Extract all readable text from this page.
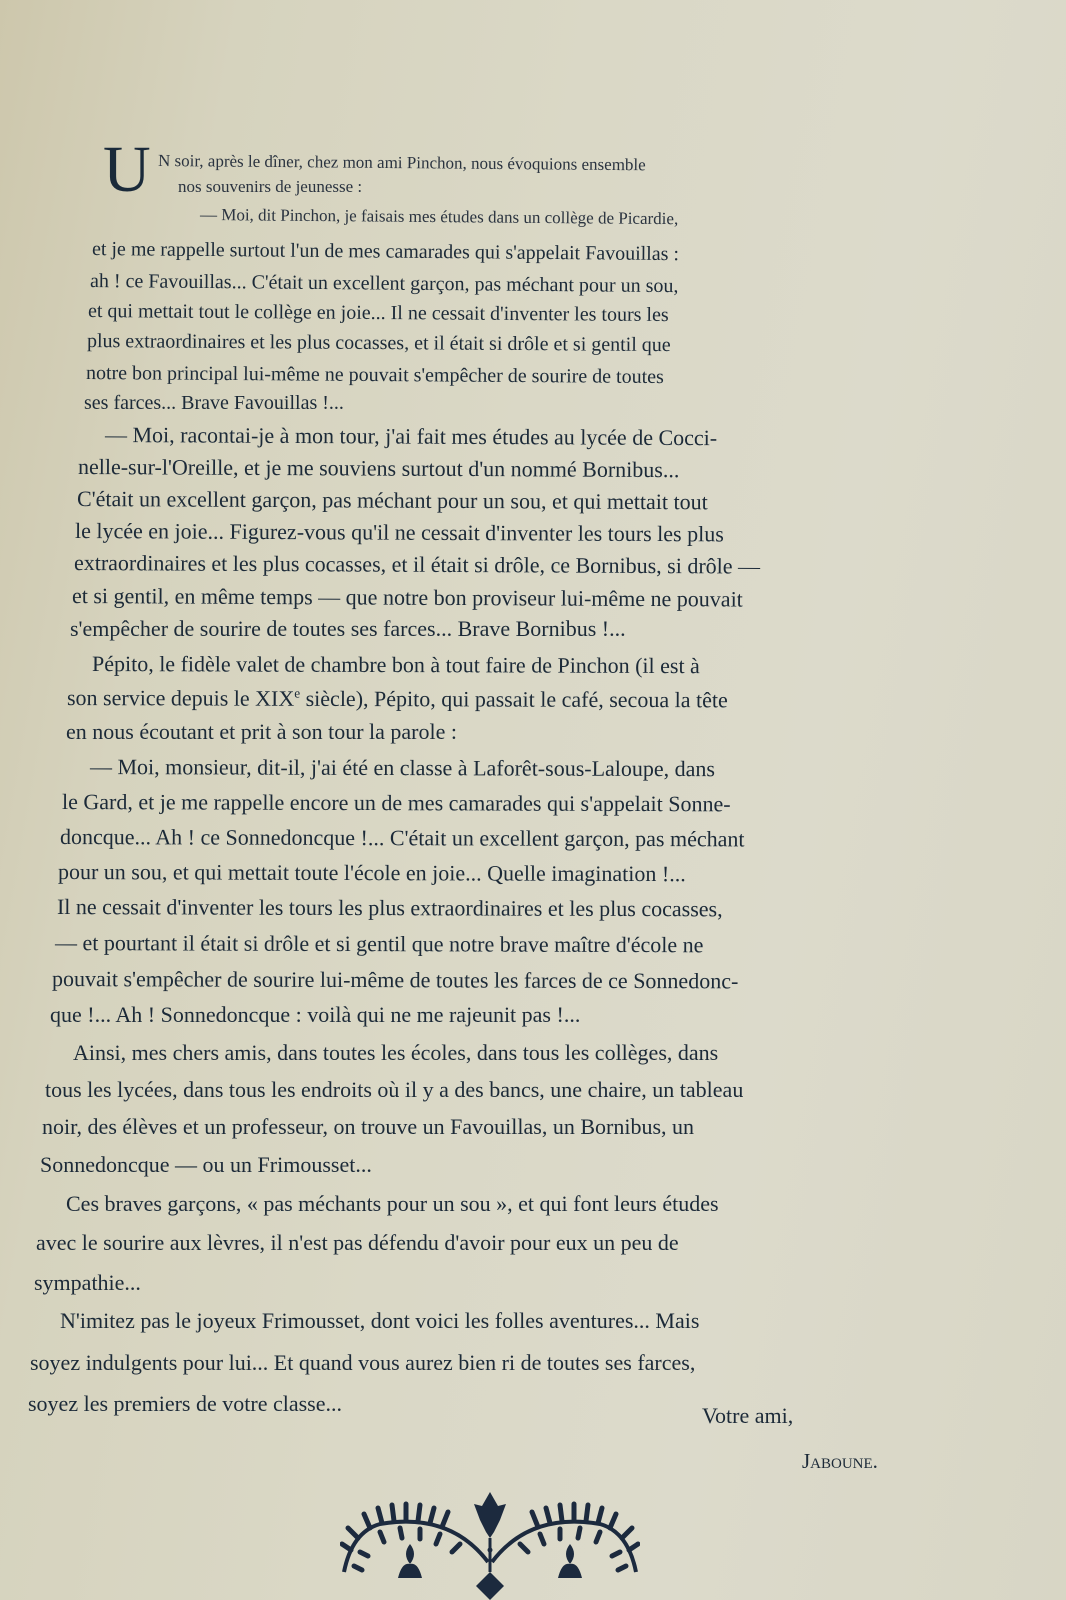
U N soir, après le dîner, chez mon ami Pinchon, nous évoquions ensemble
nos souvenirs de jeunesse :
— Moi, dit Pinchon, je faisais mes études dans un collège de Picardie,
et je me rappelle surtout l'un de mes camarades qui s'appelait Favouillas :
ah ! ce Favouillas... C'était un excellent garçon, pas méchant pour un sou,
et qui mettait tout le collège en joie... Il ne cessait d'inventer les tours les
plus extraordinaires et les plus cocasses, et il était si drôle et si gentil que
notre bon principal lui-même ne pouvait s'empêcher de sourire de toutes
ses farces... Brave Favouillas !...
— Moi, racontai-je à mon tour, j'ai fait mes études au lycée de Cocci-
nelle-sur-l'Oreille, et je me souviens surtout d'un nommé Bornibus...
C'était un excellent garçon, pas méchant pour un sou, et qui mettait tout
le lycée en joie... Figurez-vous qu'il ne cessait d'inventer les tours les plus
extraordinaires et les plus cocasses, et il était si drôle, ce Bornibus, si drôle —
et si gentil, en même temps — que notre bon proviseur lui-même ne pouvait
s'empêcher de sourire de toutes ses farces... Brave Bornibus !...
Pépito, le fidèle valet de chambre bon à tout faire de Pinchon (il est à
son service depuis le XIXe siècle), Pépito, qui passait le café, secoua la tête
en nous écoutant et prit à son tour la parole :
— Moi, monsieur, dit-il, j'ai été en classe à Laforêt-sous-Laloupe, dans
le Gard, et je me rappelle encore un de mes camarades qui s'appelait Sonne-
doncque... Ah ! ce Sonnedoncque !... C'était un excellent garçon, pas méchant
pour un sou, et qui mettait toute l'école en joie... Quelle imagination !...
Il ne cessait d'inventer les tours les plus extraordinaires et les plus cocasses,
— et pourtant il était si drôle et si gentil que notre brave maître d'école ne
pouvait s'empêcher de sourire lui-même de toutes les farces de ce Sonnedonc-
que !... Ah ! Sonnedoncque : voilà qui ne me rajeunit pas !...
Ainsi, mes chers amis, dans toutes les écoles, dans tous les collèges, dans
tous les lycées, dans tous les endroits où il y a des bancs, une chaire, un tableau
noir, des élèves et un professeur, on trouve un Favouillas, un Bornibus, un
Sonnedoncque — ou un Frimousset...
Ces braves garçons, « pas méchants pour un sou », et qui font leurs études
avec le sourire aux lèvres, il n'est pas défendu d'avoir pour eux un peu de
sympathie...
N'imitez pas le joyeux Frimousset, dont voici les folles aventures... Mais
soyez indulgents pour lui... Et quand vous aurez bien ri de toutes ses farces,
soyez les premiers de votre classe...	Votre ami,
Jaboune.
